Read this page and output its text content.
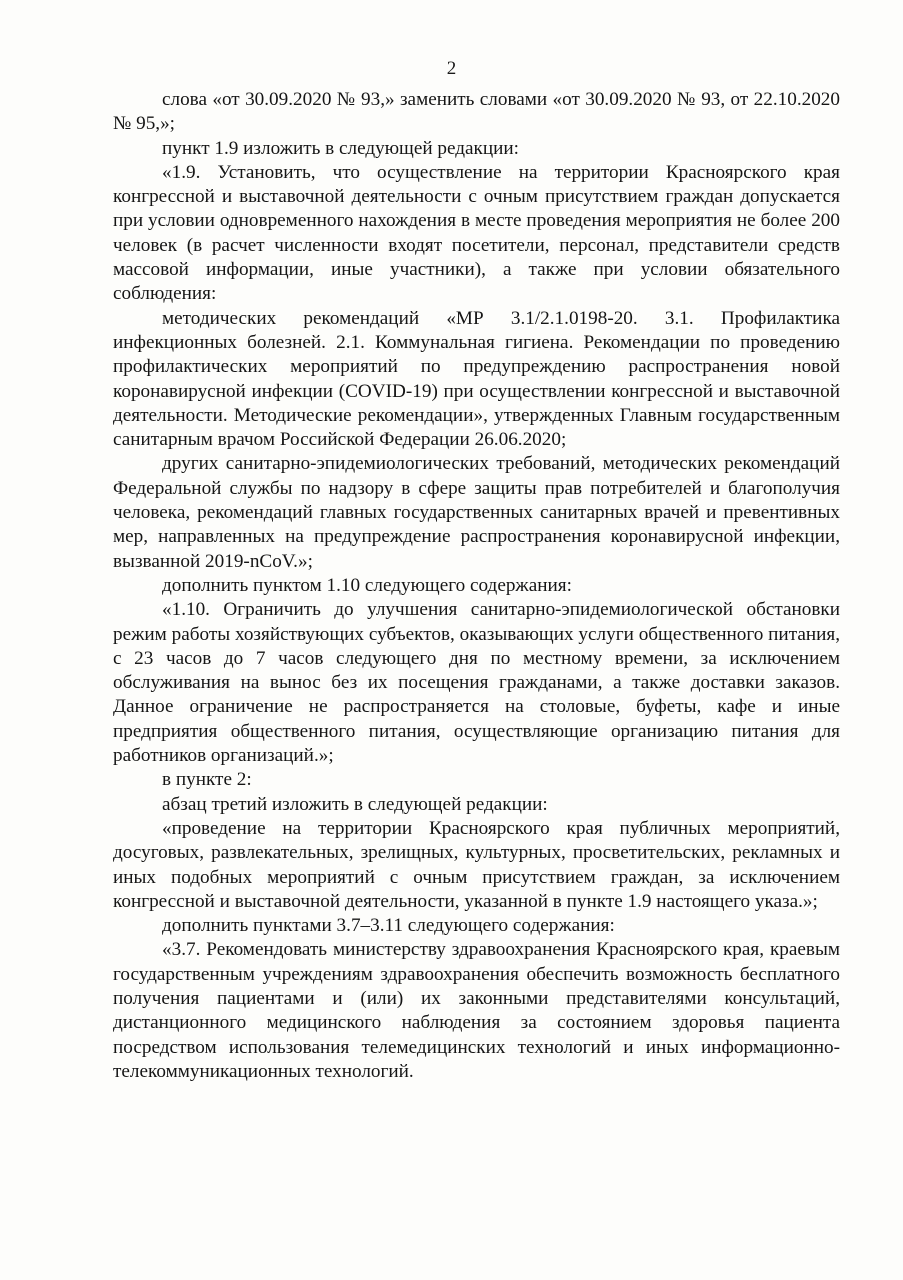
2

слова «от 30.09.2020 № 93,» заменить словами «от 30.09.2020 № 93, от 22.10.2020 № 95,»;

пункт 1.9 изложить в следующей редакции:

«1.9. Установить, что осуществление на территории Красноярского края конгрессной и выставочной деятельности с очным присутствием граждан допускается при условии одновременного нахождения в месте проведения мероприятия не более 200 человек (в расчет численности входят посетители, персонал, представители средств массовой информации, иные участники), а также при условии обязательного соблюдения:

методических рекомендаций «МР 3.1/2.1.0198-20. 3.1. Профилактика инфекционных болезней. 2.1. Коммунальная гигиена. Рекомендации по проведению профилактических мероприятий по предупреждению распространения новой коронавирусной инфекции (COVID-19) при осуществлении конгрессной и выставочной деятельности. Методические рекомендации», утвержденных Главным государственным санитарным врачом Российской Федерации 26.06.2020;

других санитарно-эпидемиологических требований, методических рекомендаций Федеральной службы по надзору в сфере защиты прав потребителей и благополучия человека, рекомендаций главных государственных санитарных врачей и превентивных мер, направленных на предупреждение распространения коронавирусной инфекции, вызванной 2019-nCoV.»;

дополнить пунктом 1.10 следующего содержания:

«1.10. Ограничить до улучшения санитарно-эпидемиологической обстановки режим работы хозяйствующих субъектов, оказывающих услуги общественного питания, с 23 часов до 7 часов следующего дня по местному времени, за исключением обслуживания на вынос без их посещения гражданами, а также доставки заказов. Данное ограничение не распространяется на столовые, буфеты, кафе и иные предприятия общественного питания, осуществляющие организацию питания для работников организаций.»;

в пункте 2:

абзац третий изложить в следующей редакции:

«проведение на территории Красноярского края публичных мероприятий, досуговых, развлекательных, зрелищных, культурных, просветительских, рекламных и иных подобных мероприятий с очным присутствием граждан, за исключением конгрессной и выставочной деятельности, указанной в пункте 1.9 настоящего указа.»;

дополнить пунктами 3.7–3.11 следующего содержания:

«3.7. Рекомендовать министерству здравоохранения Красноярского края, краевым государственным учреждениям здравоохранения обеспечить возможность бесплатного получения пациентами и (или) их законными представителями консультаций, дистанционного медицинского наблюдения за состоянием здоровья пациента посредством использования телемедицинских технологий и иных информационно-телекоммуникационных технологий.
